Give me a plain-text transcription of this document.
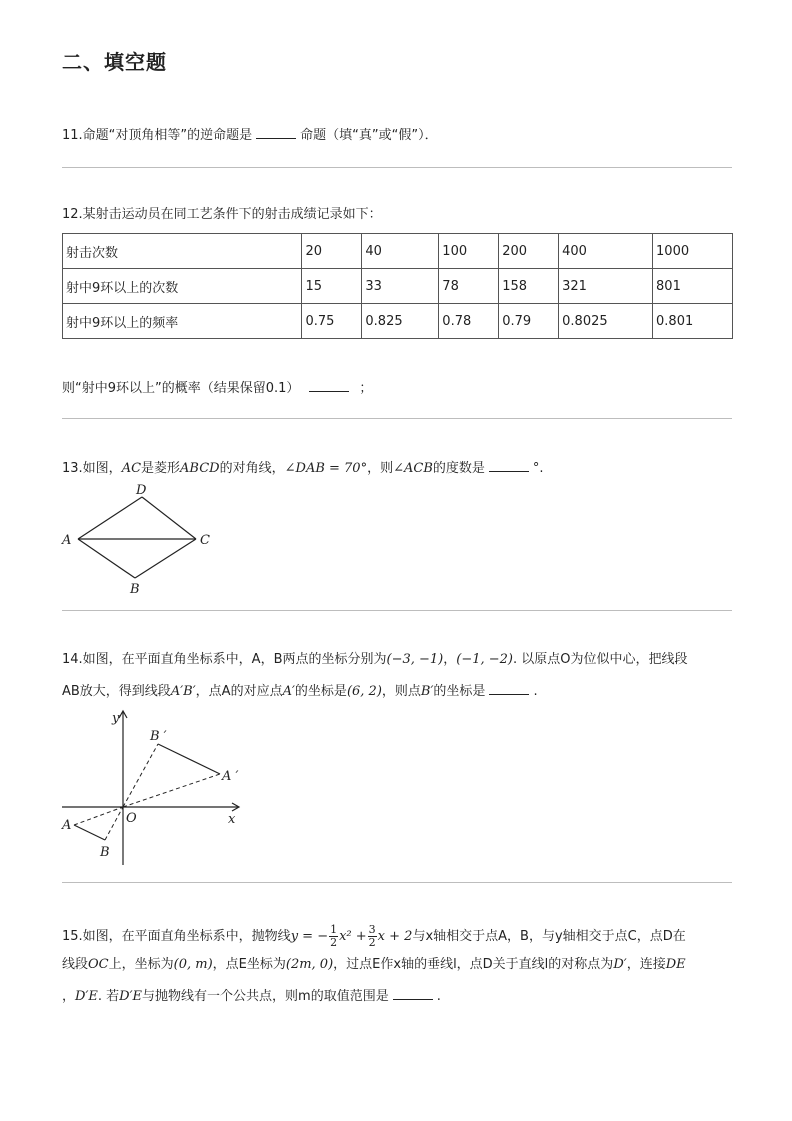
二、填空题
11.命题“对顶角相等”的逆命题是	命题（填“真”或“假”）．
12.某射击运动员在同工艺条件下的射击成绩记录如下：
射击次数	20	40	100	200	400	1000
射中9环以上的次数	15	33	78	158	321	801
射中9环以上的频率	0.75	0.825	0.78	0.79	0.8025	0.801
则“射中9环以上”的概率（结果保留0.1）	；
13.如图，AC是菱形ABCD的对角线，∠DAB = 70°，则∠ACB的度数是	°.
A
D
C
B
14.如图，在平面直角坐标系中，A，B两点的坐标分别为(−3, −1)，(−1, −2). 以原点O为位似中心，把线段
AB放大，得到线段A′B′，点A的对应点A′的坐标是(6, 2)，则点B′的坐标是	.
y
x
O
A
B
A ′
B ′
15.如图，在平面直角坐标系中，抛物线y = − $\frac{1}{2} x^2 + \frac{3}{2}$ x + 2与x轴相交于点A，B，与y轴相交于点C，点D在
线段OC上，坐标为(0, m)，点E坐标为(2m, 0)，过点E作x轴的垂线l，点D关于直线l的对称点为D′，连接DE
，D′E. 若D′E与抛物线有一个公共点，则m的取值范围是	.
